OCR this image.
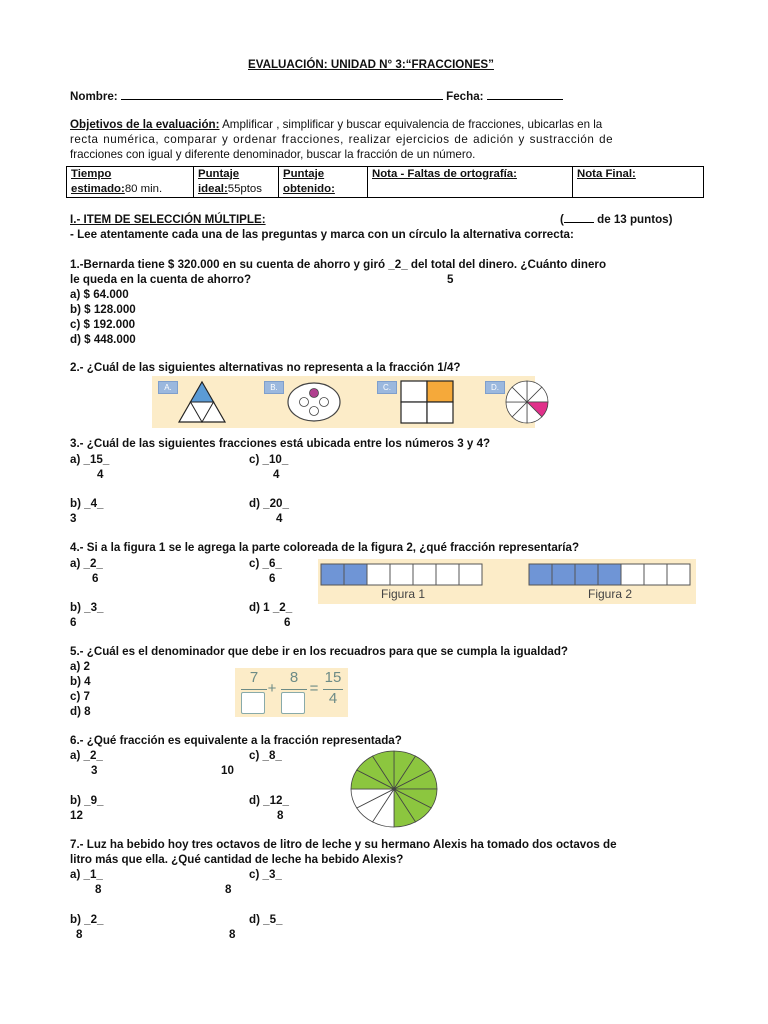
EVALUACIÓN: UNIDAD N° 3:“FRACCIONES”
Nombre:	Fecha:
Objetivos de la evaluación: Amplificar , simplificar y buscar equivalencia de fracciones, ubicarlas en la
recta numérica, comparar y ordenar fracciones, realizar ejercicios de adición y sustracción de
fracciones con igual y diferente denominador, buscar la fracción de un número.
Tiempo
estimado:80 min.	Puntaje
ideal:55ptos	Puntaje
obtenido:	Nota - Faltas de ortografía:	Nota Final:
I.- ITEM DE SELECCIÓN MÚLTIPLE:	(	de 13 puntos)
- Lee atentamente cada una de las preguntas y marca con un círculo la alternativa correcta:
1.-Bernarda tiene $ 320.000 en su cuenta de ahorro y giró _2_ del total del dinero. ¿Cuánto dinero
le queda en la cuenta de ahorro?	5
a) $ 64.000
b) $ 128.000
c) $ 192.000
d) $ 448.000
2.- ¿Cuál de las siguientes alternativas no representa a la fracción 1/4?
A.	B.	C.	D.
3.- ¿Cuál de las siguientes fracciones está ubicada entre los números 3 y 4?
a) _15_
4
c) _10_
4
b) _4_
3
d) _20_
4
4.- Si a la figura 1 se le agrega la parte coloreada de la figura 2, ¿qué fracción representaría?
a) _2_
6
c) _6_
6
b) _3_
6
d) 1 _2_
6
Figura 1	Figura 2
5.- ¿Cuál es el denominador que debe ir en los recuadros para que se cumpla la igualdad?
a) 2
b) 4
c) 7
d) 8
7
+
8
=
15
4
6.- ¿Qué fracción es equivalente a la fracción representada?
a) _2_
3
c) _8_
10
b) _9_
12
d) _12_
8
7.- Luz ha bebido hoy tres octavos de litro de leche y su hermano Alexis ha tomado dos octavos de
litro más que ella. ¿Qué cantidad de leche ha bebido Alexis?
a) _1_
8
c) _3_
8
b) _2_
8
d) _5_
8
